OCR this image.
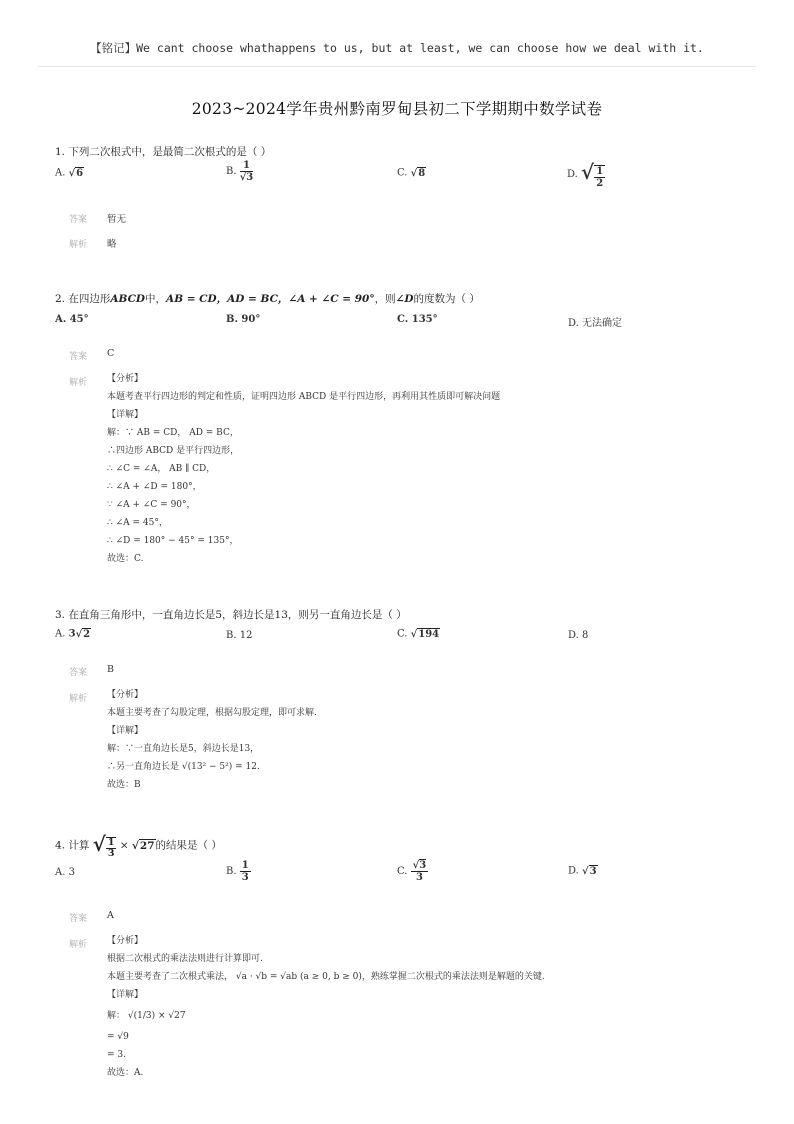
【铭记】We cant choose whathappens to us, but at least, we can choose how we deal with it.
2023~2024学年贵州黔南罗甸县初二下学期期中数学试卷
1. 下列二次根式中，是最简二次根式的是（ ）
A. √6	B. $\frac{1}{√3}$	C. √8	D. √ $\frac{1}{2}$
答案 暂无
解析 略
2. 在四边形ABCD中，AB = CD，AD = BC，∠A + ∠C = 90°，则∠D的度数为（ ）
A. 45°	B. 90°	C. 135°	D. 无法确定
答案 C
解析 【分析】
本题考查平行四边形的判定和性质，证明四边形 ABCD 是平行四边形，再利用其性质即可解决问题
【详解】
解：∵ AB = CD， AD = BC，
∴四边形 ABCD 是平行四边形，
∴ ∠C = ∠A， AB ∥ CD，
∴ ∠A + ∠D = 180°，
∵ ∠A + ∠C = 90°，
∴ ∠A = 45°，
∴ ∠D = 180° − 45° = 135°，
故选：C.
3. 在直角三角形中，一直角边长是5，斜边长是13，则另一直角边长是（ ）
A. 3√2	B. 12	C. √194	D. 8
答案 B
解析 【分析】
本题主要考查了勾股定理，根据勾股定理，即可求解.
【详解】
解：∵一直角边长是5，斜边长是13，
∴另一直角边长是 √(13² − 5²) = 12.
故选：B
4. 计算 √ $\frac{1}{3} \times √27$的结果是（ ）
A. 3	B. $\frac{1}{3}$	C. $\frac{√3}{3}$	D. √3
答案 A
解析 【分析】
根据二次根式的乘法法则进行计算即可.
本题主要考查了二次根式乘法， √a · √b = √ab (a ≥ 0, b ≥ 0)，熟练掌握二次根式的乘法法则是解题的关键.
【详解】
解： √(1/3) × √27
= √9
= 3.
故选：A.
